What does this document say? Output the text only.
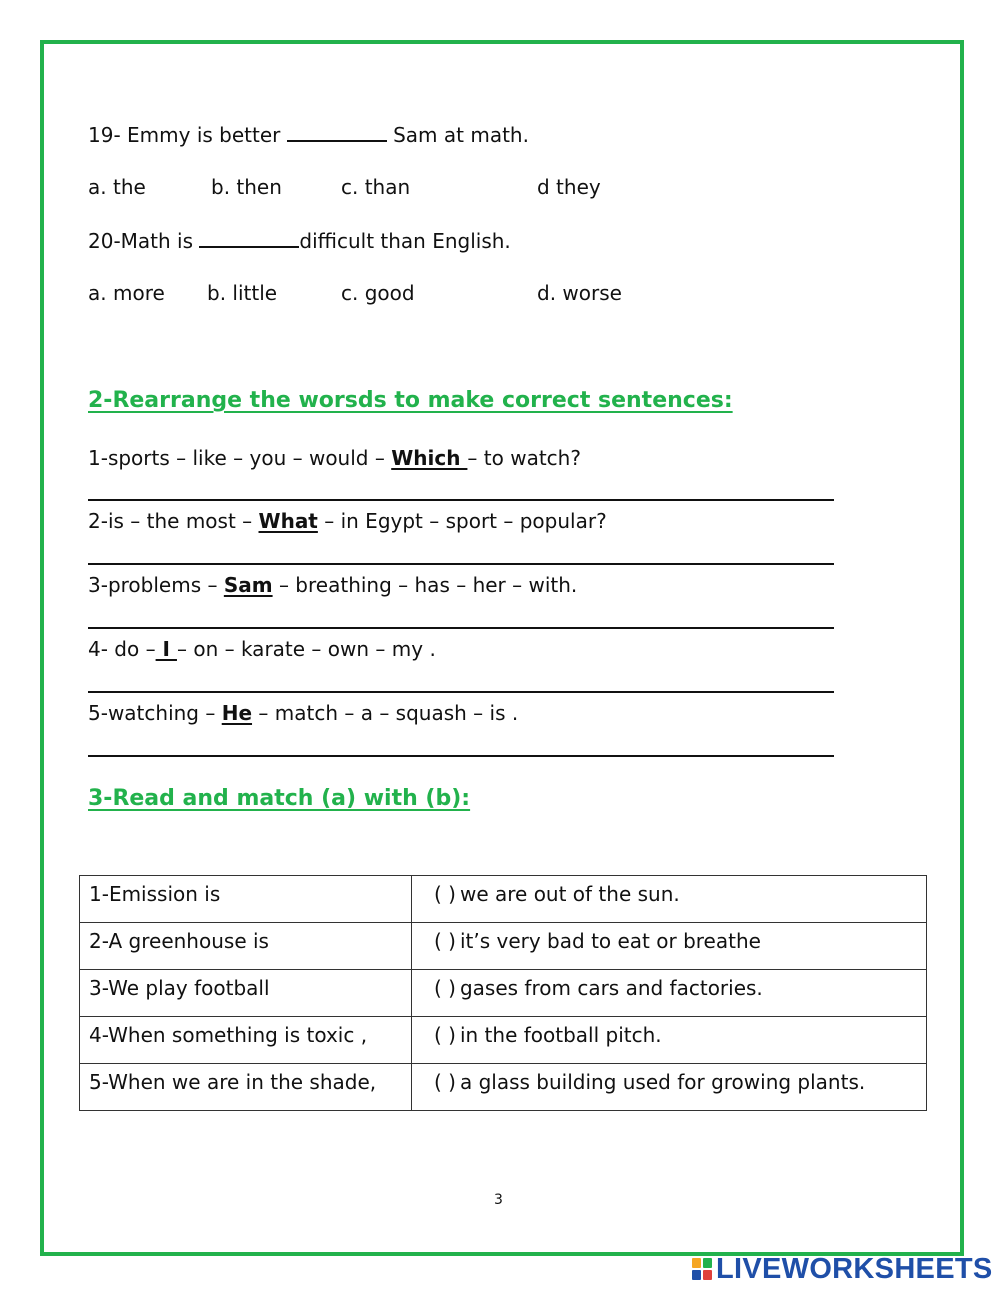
19- Emmy is better	Sam at math.
a. the	b. then	c. than	d they
20-Math is	difficult than English.
a. more b. little	c. good	d. worse
2-Rearrange the worsds to make correct sentences:
1-sports – like – you – would – Which – to watch?
2-is – the most – What – in Egypt – sport – popular?
3-problems – Sam – breathing – has – her – with.
4- do – I – on – karate – own – my .
5-watching – He – match – a – squash – is .
3-Read and match (a) with (b):
1-Emission is	( ) we are out of the sun.
2-A greenhouse is	( ) it’s very bad to eat or breathe
3-We play football	( ) gases from cars and factories.
4-When something is toxic ,	( ) in the football pitch.
5-When we are in the shade,	( ) a glass building used for growing plants.
3
LIVEWORKSHEETS
